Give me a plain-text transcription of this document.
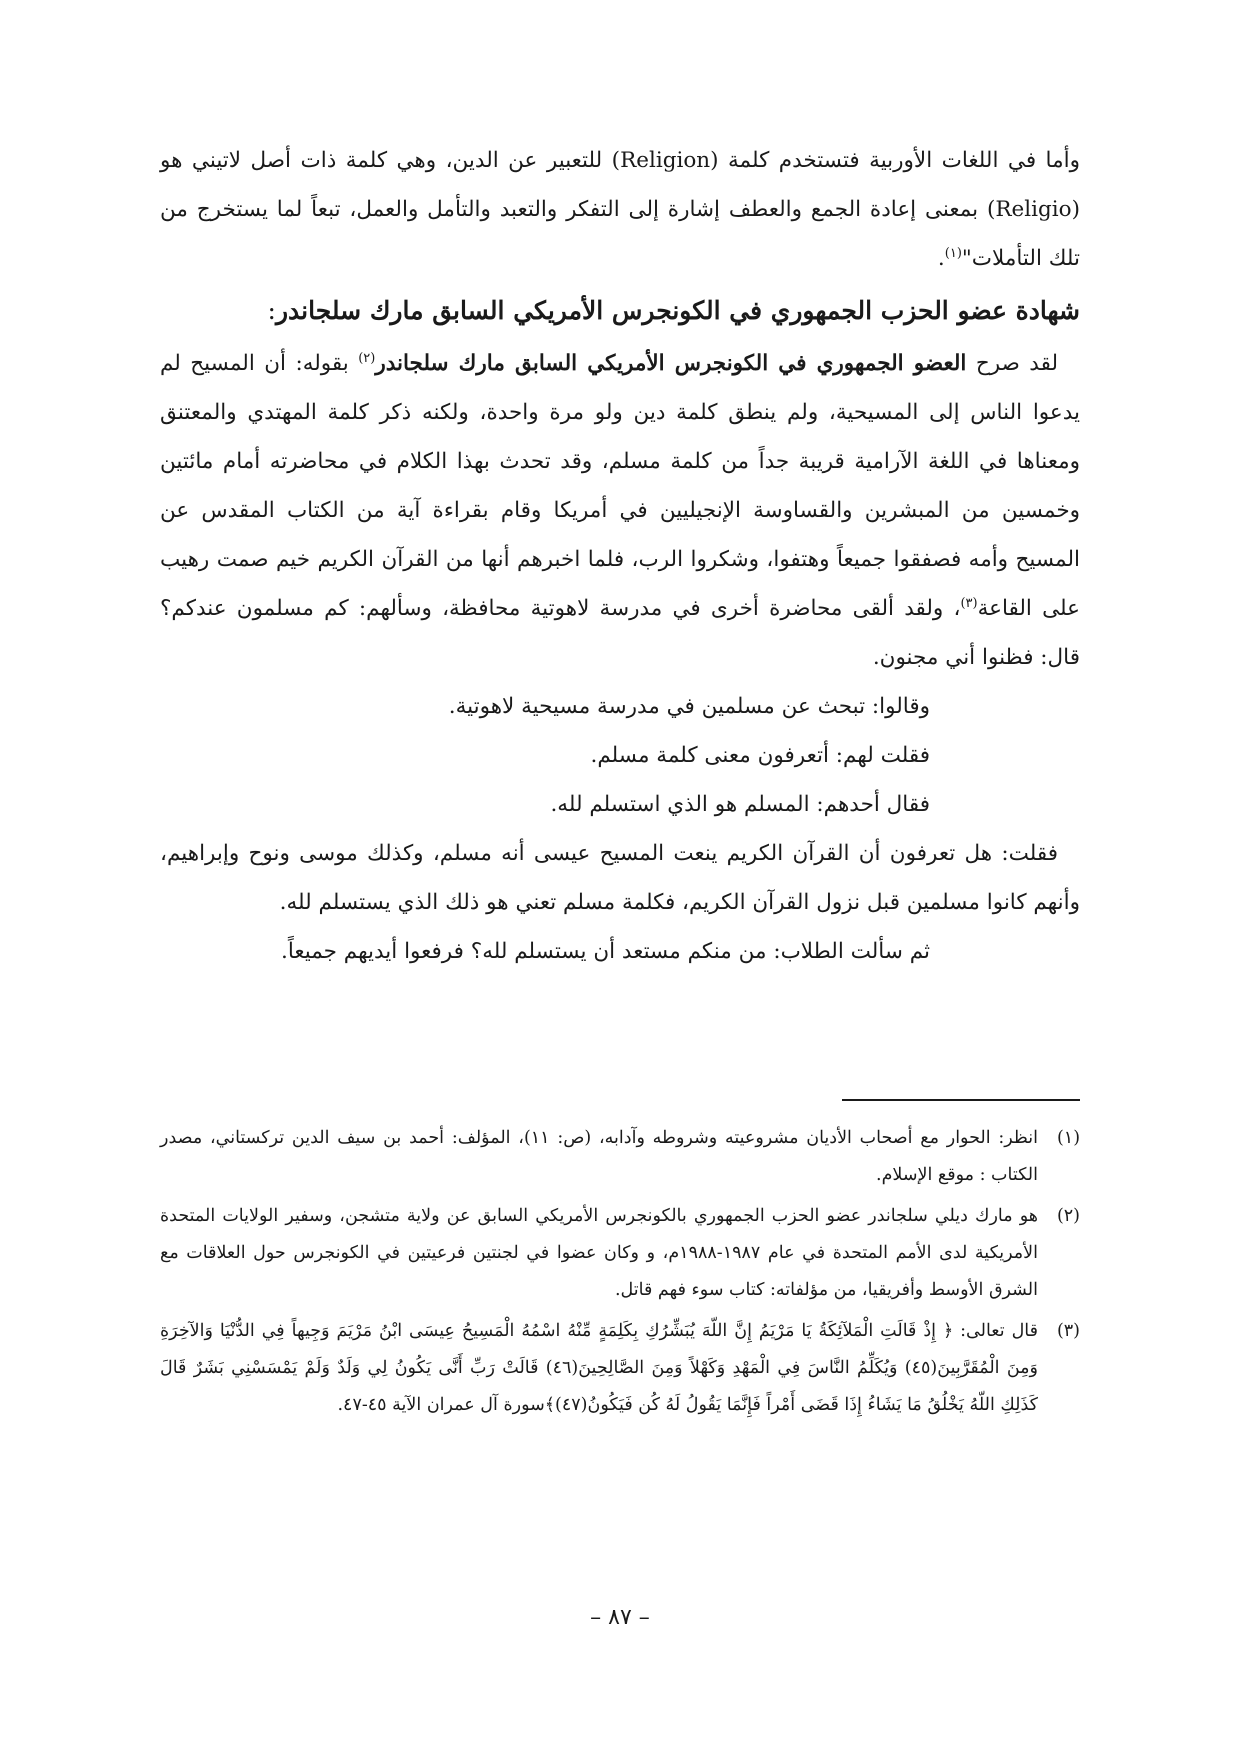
وأما في اللغات الأوربية فتستخدم كلمة (Religion) للتعبير عن الدين، وهي كلمة ذات أصل لاتيني هو (Religio) بمعنى إعادة الجمع والعطف إشارة إلى التفكر والتعبد والتأمل والعمل، تبعاً لما يستخرج من تلك التأملات"$^{(١)}$.

شهادة عضو الحزب الجمهوري في الكونجرس الأمريكي السابق مارك سلجاندر:

لقد صرح العضو الجمهوري في الكونجرس الأمريكي السابق مارك سلجاندر$^{(٢)}$ بقوله: أن المسيح لم يدعوا الناس إلى المسيحية، ولم ينطق كلمة دين ولو مرة واحدة، ولكنه ذكر كلمة المهتدي والمعتنق ومعناها في اللغة الآرامية قريبة جداً من كلمة مسلم، وقد تحدث بهذا الكلام في محاضرته أمام مائتين وخمسين من المبشرين والقساوسة الإنجيليين في أمريكا وقام بقراءة آية من الكتاب المقدس عن المسيح وأمه فصفقوا جميعاً وهتفوا، وشكروا الرب، فلما اخبرهم أنها من القرآن الكريم خيم صمت رهيب على القاعة$^{(٣)}$، ولقد ألقى محاضرة أخرى في مدرسة لاهوتية محافظة، وسألهم: كم مسلمون عندكم؟ قال: فظنوا أني مجنون.

وقالوا: تبحث عن مسلمين في مدرسة مسيحية لاهوتية.

فقلت لهم: أتعرفون معنى كلمة مسلم.

فقال أحدهم: المسلم هو الذي استسلم لله.

فقلت: هل تعرفون أن القرآن الكريم ينعت المسيح عيسى أنه مسلم، وكذلك موسى ونوح وإبراهيم، وأنهم كانوا مسلمين قبل نزول القرآن الكريم، فكلمة مسلم تعني هو ذلك الذي يستسلم لله.

ثم سألت الطلاب: من منكم مستعد أن يستسلم لله؟ فرفعوا أيديهم جميعاً.

(١)انظر: الحوار مع أصحاب الأديان مشروعيته وشروطه وآدابه، (ص: ١١)، المؤلف: أحمد بن سيف الدين تركستاني، مصدر الكتاب : موقع الإسلام.

(٢)هو مارك ديلي سلجاندر عضو الحزب الجمهوري بالكونجرس الأمريكي السابق عن ولاية متشجن، وسفير الولايات المتحدة الأمريكية لدى الأمم المتحدة في عام ١٩٨٧-١٩٨٨م، و وكان عضوا في لجنتين فرعيتين في الكونجرس حول العلاقات مع الشرق الأوسط وأفريقيا، من مؤلفاته: كتاب سوء فهم قاتل.

(٣)قال تعالى: ﴿ إِذْ قَالَتِ الْمَلآئِكَةُ يَا مَرْيَمُ إِنَّ اللّهَ يُبَشِّرُكِ بِكَلِمَةٍ مِّنْهُ اسْمُهُ الْمَسِيحُ عِيسَى ابْنُ مَرْيَمَ وَجِيهاً فِي الدُّنْيَا وَالآخِرَةِ وَمِنَ الْمُقَرَّبِينَ(٤٥) وَيُكَلِّمُ النَّاسَ فِي الْمَهْدِ وَكَهْلاً وَمِنَ الصَّالِحِينَ(٤٦) قَالَتْ رَبِّ أَنَّى يَكُونُ لِي وَلَدٌ وَلَمْ يَمْسَسْنِي بَشَرٌ قَالَ كَذَلِكِ اللّهُ يَخْلُقُ مَا يَشَاءُ إِذَا قَضَى أَمْراً فَإِنَّمَا يَقُولُ لَهُ كُن فَيَكُونُ(٤٧)﴾سورة آل عمران الآية ٤٥-٤٧.

– ٨٧ –
